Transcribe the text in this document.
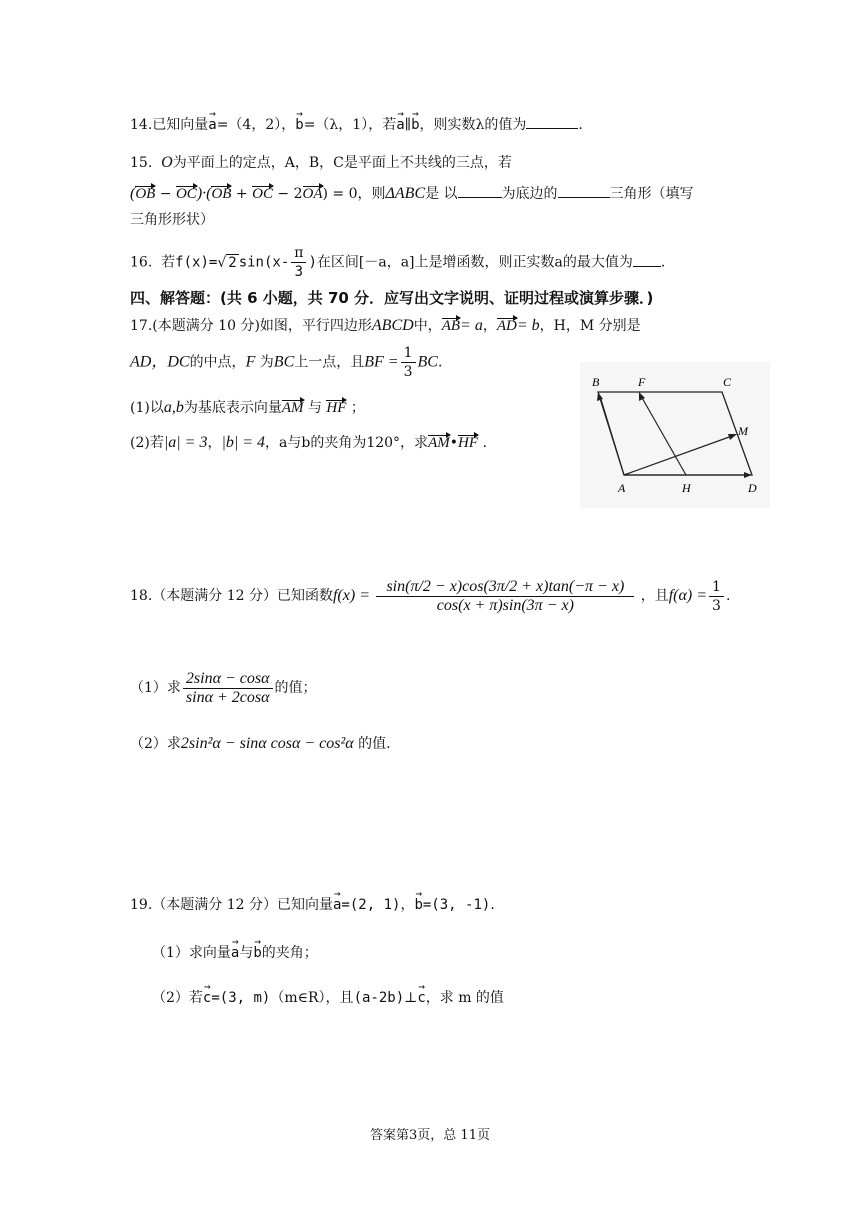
14.已知向量→ a=（4，2），→ b=（λ，1），若→ a∥→ b，则实数λ的值为	.
15. O为平面上的定点，A，B，C是平面上不共线的三点，若
(OB − OC)·(OB + OC − 2OA) = 0，则ΔABC是 以	为底边的	三角形（填写
三角形形状）
16. 若f(x)=√ 2 $\sin(x- \frac{\pi}{3}$ )在区间[－a，a]上是增函数，则正实数a的最大值为 .
四、解答题：(共 6 小题，共 70 分．应写出文字说明、证明过程或演算步骤．)
17.(本题满分 10 分)如图，平行四边形ABCD中，AB= a，AD= b，H，M 分别是
AD，DC的中点，F 为BC上一点，且BF = $\frac{1}{3}$ BC.
(1)以a,b为基底表示向量AM 与 HF ；
(2)若|a| = 3，|b| = 4，a与b的夹角为120°，求AM•HF .
B	F	C
M
A	H	D
18.（本题满分 12 分）已知函数$f(x) = \frac{\sin(\pi/2 - x)\cos(3\pi/2 + x)\tan(-\pi - x)}{\cos(x + \pi)\sin(3\pi - x)}$ ，且$f(\alpha) = \frac{1}{3}$ .
（1）求 $\frac{2\sin\alpha - \cos\alpha}{\sin\alpha + 2\cos\alpha}$ 的值；
（2）求2sin²α − sinα cosα − cos²α 的值.
19.（本题满分 12 分）已知向量→ a=(2, 1)，→ b=(3, -1).
（1）求向量→ a与→ b的夹角；
（2）若→ c=(3, m)（m∈R），且(a-2b)⊥→ c，求 m 的值
答案第3页，总 11页
